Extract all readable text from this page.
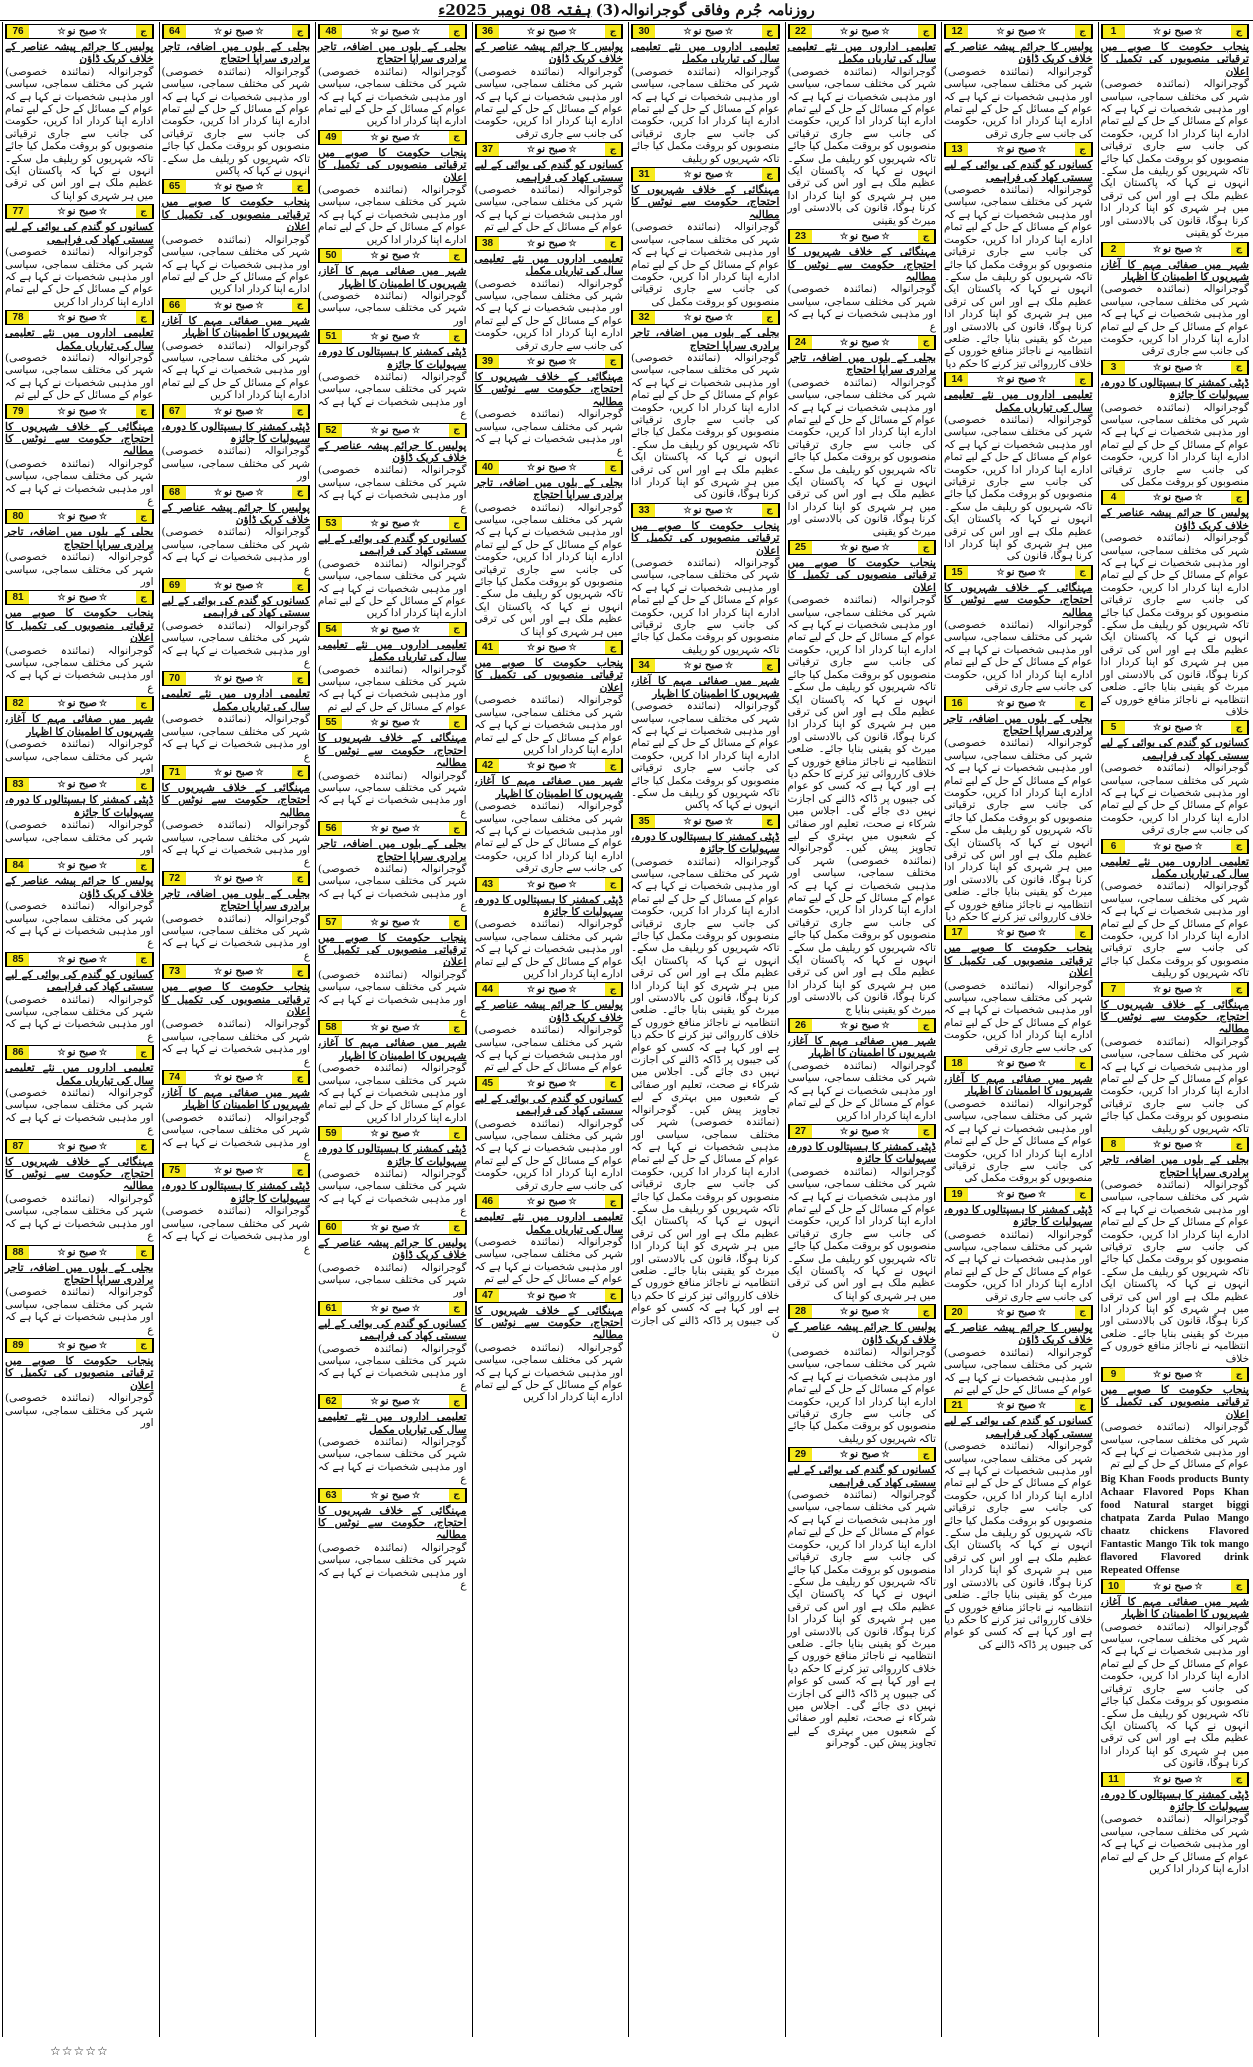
روزنامہ جُرم وفاقی گوجرانوالہ
(3)
ہفتہ 08 نومبر 2025ء
1	☆صبح نو☆	ج
پنجاب حکومت کا صوبے میں ترقیاتی منصوبوں کی تکمیل کا اعلان
گوجرانوالہ (نمائندہ خصوصی) شہر کی مختلف سماجی، سیاسی اور مذہبی شخصیات نے کہا ہے کہ عوام کے مسائل کے حل کے لیے تمام ادارے اپنا کردار ادا کریں، حکومت کی جانب سے جاری ترقیاتی منصوبوں کو بروقت مکمل کیا جائے تاکہ شہریوں کو ریلیف مل سکے۔ انہوں نے کہا کہ پاکستان ایک عظیم ملک ہے اور اس کی ترقی میں ہر شہری کو اپنا کردار ادا کرنا ہوگا، قانون کی بالادستی اور میرٹ کو یقینی
2	☆صبح نو☆	ج
شہر میں صفائی مہم کا آغاز، شہریوں کا اطمینان کا اظہار
گوجرانوالہ (نمائندہ خصوصی) شہر کی مختلف سماجی، سیاسی اور مذہبی شخصیات نے کہا ہے کہ عوام کے مسائل کے حل کے لیے تمام ادارے اپنا کردار ادا کریں، حکومت کی جانب سے جاری ترقی
3	☆صبح نو☆	ج
ڈپٹی کمشنر کا ہسپتالوں کا دورہ، سہولیات کا جائزہ
گوجرانوالہ (نمائندہ خصوصی) شہر کی مختلف سماجی، سیاسی اور مذہبی شخصیات نے کہا ہے کہ عوام کے مسائل کے حل کے لیے تمام ادارے اپنا کردار ادا کریں، حکومت کی جانب سے جاری ترقیاتی منصوبوں کو بروقت مکمل کی
4	☆صبح نو☆	ج
پولیس کا جرائم پیشہ عناصر کے خلاف کریک ڈاؤن
گوجرانوالہ (نمائندہ خصوصی) شہر کی مختلف سماجی، سیاسی اور مذہبی شخصیات نے کہا ہے کہ عوام کے مسائل کے حل کے لیے تمام ادارے اپنا کردار ادا کریں، حکومت کی جانب سے جاری ترقیاتی منصوبوں کو بروقت مکمل کیا جائے تاکہ شہریوں کو ریلیف مل سکے۔ انہوں نے کہا کہ پاکستان ایک عظیم ملک ہے اور اس کی ترقی میں ہر شہری کو اپنا کردار ادا کرنا ہوگا، قانون کی بالادستی اور میرٹ کو یقینی بنایا جائے۔ ضلعی انتظامیہ نے ناجائز منافع خوروں کے خلاف
5	☆صبح نو☆	ج
کسانوں کو گندم کی بوائی کے لیے سستی کھاد کی فراہمی
گوجرانوالہ (نمائندہ خصوصی) شہر کی مختلف سماجی، سیاسی اور مذہبی شخصیات نے کہا ہے کہ عوام کے مسائل کے حل کے لیے تمام ادارے اپنا کردار ادا کریں، حکومت کی جانب سے جاری ترقی
6	☆صبح نو☆	ج
تعلیمی اداروں میں نئے تعلیمی سال کی تیاریاں مکمل
گوجرانوالہ (نمائندہ خصوصی) شہر کی مختلف سماجی، سیاسی اور مذہبی شخصیات نے کہا ہے کہ عوام کے مسائل کے حل کے لیے تمام ادارے اپنا کردار ادا کریں، حکومت کی جانب سے جاری ترقیاتی منصوبوں کو بروقت مکمل کیا جائے تاکہ شہریوں کو ریلیف
7	☆صبح نو☆	ج
مہنگائی کے خلاف شہریوں کا احتجاج، حکومت سے نوٹس کا مطالبہ
گوجرانوالہ (نمائندہ خصوصی) شہر کی مختلف سماجی، سیاسی اور مذہبی شخصیات نے کہا ہے کہ عوام کے مسائل کے حل کے لیے تمام ادارے اپنا کردار ادا کریں، حکومت کی جانب سے جاری ترقیاتی منصوبوں کو بروقت مکمل کیا جائے تاکہ شہریوں کو ریلیف
8	☆صبح نو☆	ج
بجلی کے بلوں میں اضافہ، تاجر برادری سراپا احتجاج
گوجرانوالہ (نمائندہ خصوصی) شہر کی مختلف سماجی، سیاسی اور مذہبی شخصیات نے کہا ہے کہ عوام کے مسائل کے حل کے لیے تمام ادارے اپنا کردار ادا کریں، حکومت کی جانب سے جاری ترقیاتی منصوبوں کو بروقت مکمل کیا جائے تاکہ شہریوں کو ریلیف مل سکے۔ انہوں نے کہا کہ پاکستان ایک عظیم ملک ہے اور اس کی ترقی میں ہر شہری کو اپنا کردار ادا کرنا ہوگا، قانون کی بالادستی اور میرٹ کو یقینی بنایا جائے۔ ضلعی انتظامیہ نے ناجائز منافع خوروں کے خلاف
9	☆صبح نو☆	ج
پنجاب حکومت کا صوبے میں ترقیاتی منصوبوں کی تکمیل کا اعلان
گوجرانوالہ (نمائندہ خصوصی) شہر کی مختلف سماجی، سیاسی اور مذہبی شخصیات نے کہا ہے کہ عوام کے مسائل کے حل کے لیے تم
Big Khan Foods products Bunty Achaar Flavored Pops Khan food Natural starget biggi chatpata Zarda Pulao Mango chaatz chickens Flavored Fantastic Mango Tik tok mango flavored Flavored drink Repeated Offense
10	☆صبح نو☆	ج
شہر میں صفائی مہم کا آغاز، شہریوں کا اطمینان کا اظہار
گوجرانوالہ (نمائندہ خصوصی) شہر کی مختلف سماجی، سیاسی اور مذہبی شخصیات نے کہا ہے کہ عوام کے مسائل کے حل کے لیے تمام ادارے اپنا کردار ادا کریں، حکومت کی جانب سے جاری ترقیاتی منصوبوں کو بروقت مکمل کیا جائے تاکہ شہریوں کو ریلیف مل سکے۔ انہوں نے کہا کہ پاکستان ایک عظیم ملک ہے اور اس کی ترقی میں ہر شہری کو اپنا کردار ادا کرنا ہوگا، قانون کی
11	☆صبح نو☆	ج
ڈپٹی کمشنر کا ہسپتالوں کا دورہ، سہولیات کا جائزہ
گوجرانوالہ (نمائندہ خصوصی) شہر کی مختلف سماجی، سیاسی اور مذہبی شخصیات نے کہا ہے کہ عوام کے مسائل کے حل کے لیے تمام ادارے اپنا کردار ادا کریں
12	☆صبح نو☆	ج
پولیس کا جرائم پیشہ عناصر کے خلاف کریک ڈاؤن
گوجرانوالہ (نمائندہ خصوصی) شہر کی مختلف سماجی، سیاسی اور مذہبی شخصیات نے کہا ہے کہ عوام کے مسائل کے حل کے لیے تمام ادارے اپنا کردار ادا کریں، حکومت کی جانب سے جاری ترقی
13	☆صبح نو☆	ج
کسانوں کو گندم کی بوائی کے لیے سستی کھاد کی فراہمی
گوجرانوالہ (نمائندہ خصوصی) شہر کی مختلف سماجی، سیاسی اور مذہبی شخصیات نے کہا ہے کہ عوام کے مسائل کے حل کے لیے تمام ادارے اپنا کردار ادا کریں، حکومت کی جانب سے جاری ترقیاتی منصوبوں کو بروقت مکمل کیا جائے تاکہ شہریوں کو ریلیف مل سکے۔ انہوں نے کہا کہ پاکستان ایک عظیم ملک ہے اور اس کی ترقی میں ہر شہری کو اپنا کردار ادا کرنا ہوگا، قانون کی بالادستی اور میرٹ کو یقینی بنایا جائے۔ ضلعی انتظامیہ نے ناجائز منافع خوروں کے خلاف کارروائی تیز کرنے کا حکم دیا
14	☆صبح نو☆	ج
تعلیمی اداروں میں نئے تعلیمی سال کی تیاریاں مکمل
گوجرانوالہ (نمائندہ خصوصی) شہر کی مختلف سماجی، سیاسی اور مذہبی شخصیات نے کہا ہے کہ عوام کے مسائل کے حل کے لیے تمام ادارے اپنا کردار ادا کریں، حکومت کی جانب سے جاری ترقیاتی منصوبوں کو بروقت مکمل کیا جائے تاکہ شہریوں کو ریلیف مل سکے۔ انہوں نے کہا کہ پاکستان ایک عظیم ملک ہے اور اس کی ترقی میں ہر شہری کو اپنا کردار ادا کرنا ہوگا، قانون کی
15	☆صبح نو☆	ج
مہنگائی کے خلاف شہریوں کا احتجاج، حکومت سے نوٹس کا مطالبہ
گوجرانوالہ (نمائندہ خصوصی) شہر کی مختلف سماجی، سیاسی اور مذہبی شخصیات نے کہا ہے کہ عوام کے مسائل کے حل کے لیے تمام ادارے اپنا کردار ادا کریں، حکومت کی جانب سے جاری ترقی
16	☆صبح نو☆	ج
بجلی کے بلوں میں اضافہ، تاجر برادری سراپا احتجاج
گوجرانوالہ (نمائندہ خصوصی) شہر کی مختلف سماجی، سیاسی اور مذہبی شخصیات نے کہا ہے کہ عوام کے مسائل کے حل کے لیے تمام ادارے اپنا کردار ادا کریں، حکومت کی جانب سے جاری ترقیاتی منصوبوں کو بروقت مکمل کیا جائے تاکہ شہریوں کو ریلیف مل سکے۔ انہوں نے کہا کہ پاکستان ایک عظیم ملک ہے اور اس کی ترقی میں ہر شہری کو اپنا کردار ادا کرنا ہوگا، قانون کی بالادستی اور میرٹ کو یقینی بنایا جائے۔ ضلعی انتظامیہ نے ناجائز منافع خوروں کے خلاف کارروائی تیز کرنے کا حکم دیا
17	☆صبح نو☆	ج
پنجاب حکومت کا صوبے میں ترقیاتی منصوبوں کی تکمیل کا اعلان
گوجرانوالہ (نمائندہ خصوصی) شہر کی مختلف سماجی، سیاسی اور مذہبی شخصیات نے کہا ہے کہ عوام کے مسائل کے حل کے لیے تمام ادارے اپنا کردار ادا کریں، حکومت کی جانب سے جاری ترقی
18	☆صبح نو☆	ج
شہر میں صفائی مہم کا آغاز، شہریوں کا اطمینان کا اظہار
گوجرانوالہ (نمائندہ خصوصی) شہر کی مختلف سماجی، سیاسی اور مذہبی شخصیات نے کہا ہے کہ عوام کے مسائل کے حل کے لیے تمام ادارے اپنا کردار ادا کریں، حکومت کی جانب سے جاری ترقیاتی منصوبوں کو بروقت مکمل کی
19	☆صبح نو☆	ج
ڈپٹی کمشنر کا ہسپتالوں کا دورہ، سہولیات کا جائزہ
گوجرانوالہ (نمائندہ خصوصی) شہر کی مختلف سماجی، سیاسی اور مذہبی شخصیات نے کہا ہے کہ عوام کے مسائل کے حل کے لیے تمام ادارے اپنا کردار ادا کریں، حکومت کی جانب سے جاری ترقی
20	☆صبح نو☆	ج
پولیس کا جرائم پیشہ عناصر کے خلاف کریک ڈاؤن
گوجرانوالہ (نمائندہ خصوصی) شہر کی مختلف سماجی، سیاسی اور مذہبی شخصیات نے کہا ہے کہ عوام کے مسائل کے حل کے لیے تم
21	☆صبح نو☆	ج
کسانوں کو گندم کی بوائی کے لیے سستی کھاد کی فراہمی
گوجرانوالہ (نمائندہ خصوصی) شہر کی مختلف سماجی، سیاسی اور مذہبی شخصیات نے کہا ہے کہ عوام کے مسائل کے حل کے لیے تمام ادارے اپنا کردار ادا کریں، حکومت کی جانب سے جاری ترقیاتی منصوبوں کو بروقت مکمل کیا جائے تاکہ شہریوں کو ریلیف مل سکے۔ انہوں نے کہا کہ پاکستان ایک عظیم ملک ہے اور اس کی ترقی میں ہر شہری کو اپنا کردار ادا کرنا ہوگا، قانون کی بالادستی اور میرٹ کو یقینی بنایا جائے۔ ضلعی انتظامیہ نے ناجائز منافع خوروں کے خلاف کارروائی تیز کرنے کا حکم دیا ہے اور کہا ہے کہ کسی کو عوام کی جیبوں پر ڈاکہ ڈالنے کی
22	☆صبح نو☆	ج
تعلیمی اداروں میں نئے تعلیمی سال کی تیاریاں مکمل
گوجرانوالہ (نمائندہ خصوصی) شہر کی مختلف سماجی، سیاسی اور مذہبی شخصیات نے کہا ہے کہ عوام کے مسائل کے حل کے لیے تمام ادارے اپنا کردار ادا کریں، حکومت کی جانب سے جاری ترقیاتی منصوبوں کو بروقت مکمل کیا جائے تاکہ شہریوں کو ریلیف مل سکے۔ انہوں نے کہا کہ پاکستان ایک عظیم ملک ہے اور اس کی ترقی میں ہر شہری کو اپنا کردار ادا کرنا ہوگا، قانون کی بالادستی اور میرٹ کو یقینی
23	☆صبح نو☆	ج
مہنگائی کے خلاف شہریوں کا احتجاج، حکومت سے نوٹس کا مطالبہ
گوجرانوالہ (نمائندہ خصوصی) شہر کی مختلف سماجی، سیاسی اور مذہبی شخصیات نے کہا ہے کہ ع
24	☆صبح نو☆	ج
بجلی کے بلوں میں اضافہ، تاجر برادری سراپا احتجاج
گوجرانوالہ (نمائندہ خصوصی) شہر کی مختلف سماجی، سیاسی اور مذہبی شخصیات نے کہا ہے کہ عوام کے مسائل کے حل کے لیے تمام ادارے اپنا کردار ادا کریں، حکومت کی جانب سے جاری ترقیاتی منصوبوں کو بروقت مکمل کیا جائے تاکہ شہریوں کو ریلیف مل سکے۔ انہوں نے کہا کہ پاکستان ایک عظیم ملک ہے اور اس کی ترقی میں ہر شہری کو اپنا کردار ادا کرنا ہوگا، قانون کی بالادستی اور میرٹ کو یقینی
25	☆صبح نو☆	ج
پنجاب حکومت کا صوبے میں ترقیاتی منصوبوں کی تکمیل کا اعلان
گوجرانوالہ (نمائندہ خصوصی) شہر کی مختلف سماجی، سیاسی اور مذہبی شخصیات نے کہا ہے کہ عوام کے مسائل کے حل کے لیے تمام ادارے اپنا کردار ادا کریں، حکومت کی جانب سے جاری ترقیاتی منصوبوں کو بروقت مکمل کیا جائے تاکہ شہریوں کو ریلیف مل سکے۔ انہوں نے کہا کہ پاکستان ایک عظیم ملک ہے اور اس کی ترقی میں ہر شہری کو اپنا کردار ادا کرنا ہوگا، قانون کی بالادستی اور میرٹ کو یقینی بنایا جائے۔ ضلعی انتظامیہ نے ناجائز منافع خوروں کے خلاف کارروائی تیز کرنے کا حکم دیا ہے اور کہا ہے کہ کسی کو عوام کی جیبوں پر ڈاکہ ڈالنے کی اجازت نہیں دی جائے گی۔ اجلاس میں شرکاء نے صحت، تعلیم اور صفائی کے شعبوں میں بہتری کے لیے تجاویز پیش کیں۔ گوجرانوالہ (نمائندہ خصوصی) شہر کی مختلف سماجی، سیاسی اور مذہبی شخصیات نے کہا ہے کہ عوام کے مسائل کے حل کے لیے تمام ادارے اپنا کردار ادا کریں، حکومت کی جانب سے جاری ترقیاتی منصوبوں کو بروقت مکمل کیا جائے تاکہ شہریوں کو ریلیف مل سکے۔ انہوں نے کہا کہ پاکستان ایک عظیم ملک ہے اور اس کی ترقی میں ہر شہری کو اپنا کردار ادا کرنا ہوگا، قانون کی بالادستی اور میرٹ کو یقینی بنایا ج
26	☆صبح نو☆	ج
شہر میں صفائی مہم کا آغاز، شہریوں کا اطمینان کا اظہار
گوجرانوالہ (نمائندہ خصوصی) شہر کی مختلف سماجی، سیاسی اور مذہبی شخصیات نے کہا ہے کہ عوام کے مسائل کے حل کے لیے تمام ادارے اپنا کردار ادا کریں
27	☆صبح نو☆	ج
ڈپٹی کمشنر کا ہسپتالوں کا دورہ، سہولیات کا جائزہ
گوجرانوالہ (نمائندہ خصوصی) شہر کی مختلف سماجی، سیاسی اور مذہبی شخصیات نے کہا ہے کہ عوام کے مسائل کے حل کے لیے تمام ادارے اپنا کردار ادا کریں، حکومت کی جانب سے جاری ترقیاتی منصوبوں کو بروقت مکمل کیا جائے تاکہ شہریوں کو ریلیف مل سکے۔ انہوں نے کہا کہ پاکستان ایک عظیم ملک ہے اور اس کی ترقی میں ہر شہری کو اپنا ک
28	☆صبح نو☆	ج
پولیس کا جرائم پیشہ عناصر کے خلاف کریک ڈاؤن
گوجرانوالہ (نمائندہ خصوصی) شہر کی مختلف سماجی، سیاسی اور مذہبی شخصیات نے کہا ہے کہ عوام کے مسائل کے حل کے لیے تمام ادارے اپنا کردار ادا کریں، حکومت کی جانب سے جاری ترقیاتی منصوبوں کو بروقت مکمل کیا جائے تاکہ شہریوں کو ریلیف
29	☆صبح نو☆	ج
کسانوں کو گندم کی بوائی کے لیے سستی کھاد کی فراہمی
گوجرانوالہ (نمائندہ خصوصی) شہر کی مختلف سماجی، سیاسی اور مذہبی شخصیات نے کہا ہے کہ عوام کے مسائل کے حل کے لیے تمام ادارے اپنا کردار ادا کریں، حکومت کی جانب سے جاری ترقیاتی منصوبوں کو بروقت مکمل کیا جائے تاکہ شہریوں کو ریلیف مل سکے۔ انہوں نے کہا کہ پاکستان ایک عظیم ملک ہے اور اس کی ترقی میں ہر شہری کو اپنا کردار ادا کرنا ہوگا، قانون کی بالادستی اور میرٹ کو یقینی بنایا جائے۔ ضلعی انتظامیہ نے ناجائز منافع خوروں کے خلاف کارروائی تیز کرنے کا حکم دیا ہے اور کہا ہے کہ کسی کو عوام کی جیبوں پر ڈاکہ ڈالنے کی اجازت نہیں دی جائے گی۔ اجلاس میں شرکاء نے صحت، تعلیم اور صفائی کے شعبوں میں بہتری کے لیے تجاویز پیش کیں۔ گوجرانو
30	☆صبح نو☆	ج
تعلیمی اداروں میں نئے تعلیمی سال کی تیاریاں مکمل
گوجرانوالہ (نمائندہ خصوصی) شہر کی مختلف سماجی، سیاسی اور مذہبی شخصیات نے کہا ہے کہ عوام کے مسائل کے حل کے لیے تمام ادارے اپنا کردار ادا کریں، حکومت کی جانب سے جاری ترقیاتی منصوبوں کو بروقت مکمل کیا جائے تاکہ شہریوں کو ریلیف
31	☆صبح نو☆	ج
مہنگائی کے خلاف شہریوں کا احتجاج، حکومت سے نوٹس کا مطالبہ
گوجرانوالہ (نمائندہ خصوصی) شہر کی مختلف سماجی، سیاسی اور مذہبی شخصیات نے کہا ہے کہ عوام کے مسائل کے حل کے لیے تمام ادارے اپنا کردار ادا کریں، حکومت کی جانب سے جاری ترقیاتی منصوبوں کو بروقت مکمل کی
32	☆صبح نو☆	ج
بجلی کے بلوں میں اضافہ، تاجر برادری سراپا احتجاج
گوجرانوالہ (نمائندہ خصوصی) شہر کی مختلف سماجی، سیاسی اور مذہبی شخصیات نے کہا ہے کہ عوام کے مسائل کے حل کے لیے تمام ادارے اپنا کردار ادا کریں، حکومت کی جانب سے جاری ترقیاتی منصوبوں کو بروقت مکمل کیا جائے تاکہ شہریوں کو ریلیف مل سکے۔ انہوں نے کہا کہ پاکستان ایک عظیم ملک ہے اور اس کی ترقی میں ہر شہری کو اپنا کردار ادا کرنا ہوگا، قانون کی
33	☆صبح نو☆	ج
پنجاب حکومت کا صوبے میں ترقیاتی منصوبوں کی تکمیل کا اعلان
گوجرانوالہ (نمائندہ خصوصی) شہر کی مختلف سماجی، سیاسی اور مذہبی شخصیات نے کہا ہے کہ عوام کے مسائل کے حل کے لیے تمام ادارے اپنا کردار ادا کریں، حکومت کی جانب سے جاری ترقیاتی منصوبوں کو بروقت مکمل کیا جائے تاکہ شہریوں کو ریلیف
34	☆صبح نو☆	ج
شہر میں صفائی مہم کا آغاز، شہریوں کا اطمینان کا اظہار
گوجرانوالہ (نمائندہ خصوصی) شہر کی مختلف سماجی، سیاسی اور مذہبی شخصیات نے کہا ہے کہ عوام کے مسائل کے حل کے لیے تمام ادارے اپنا کردار ادا کریں، حکومت کی جانب سے جاری ترقیاتی منصوبوں کو بروقت مکمل کیا جائے تاکہ شہریوں کو ریلیف مل سکے۔ انہوں نے کہا کہ پاکس
35	☆صبح نو☆	ج
ڈپٹی کمشنر کا ہسپتالوں کا دورہ، سہولیات کا جائزہ
گوجرانوالہ (نمائندہ خصوصی) شہر کی مختلف سماجی، سیاسی اور مذہبی شخصیات نے کہا ہے کہ عوام کے مسائل کے حل کے لیے تمام ادارے اپنا کردار ادا کریں، حکومت کی جانب سے جاری ترقیاتی منصوبوں کو بروقت مکمل کیا جائے تاکہ شہریوں کو ریلیف مل سکے۔ انہوں نے کہا کہ پاکستان ایک عظیم ملک ہے اور اس کی ترقی میں ہر شہری کو اپنا کردار ادا کرنا ہوگا، قانون کی بالادستی اور میرٹ کو یقینی بنایا جائے۔ ضلعی انتظامیہ نے ناجائز منافع خوروں کے خلاف کارروائی تیز کرنے کا حکم دیا ہے اور کہا ہے کہ کسی کو عوام کی جیبوں پر ڈاکہ ڈالنے کی اجازت نہیں دی جائے گی۔ اجلاس میں شرکاء نے صحت، تعلیم اور صفائی کے شعبوں میں بہتری کے لیے تجاویز پیش کیں۔ گوجرانوالہ (نمائندہ خصوصی) شہر کی مختلف سماجی، سیاسی اور مذہبی شخصیات نے کہا ہے کہ عوام کے مسائل کے حل کے لیے تمام ادارے اپنا کردار ادا کریں، حکومت کی جانب سے جاری ترقیاتی منصوبوں کو بروقت مکمل کیا جائے تاکہ شہریوں کو ریلیف مل سکے۔ انہوں نے کہا کہ پاکستان ایک عظیم ملک ہے اور اس کی ترقی میں ہر شہری کو اپنا کردار ادا کرنا ہوگا، قانون کی بالادستی اور میرٹ کو یقینی بنایا جائے۔ ضلعی انتظامیہ نے ناجائز منافع خوروں کے خلاف کارروائی تیز کرنے کا حکم دیا ہے اور کہا ہے کہ کسی کو عوام کی جیبوں پر ڈاکہ ڈالنے کی اجازت ن
36	☆صبح نو☆	ج
پولیس کا جرائم پیشہ عناصر کے خلاف کریک ڈاؤن
گوجرانوالہ (نمائندہ خصوصی) شہر کی مختلف سماجی، سیاسی اور مذہبی شخصیات نے کہا ہے کہ عوام کے مسائل کے حل کے لیے تمام ادارے اپنا کردار ادا کریں، حکومت کی جانب سے جاری ترقی
37	☆صبح نو☆	ج
کسانوں کو گندم کی بوائی کے لیے سستی کھاد کی فراہمی
گوجرانوالہ (نمائندہ خصوصی) شہر کی مختلف سماجی، سیاسی اور مذہبی شخصیات نے کہا ہے کہ عوام کے مسائل کے حل کے لیے تم
38	☆صبح نو☆	ج
تعلیمی اداروں میں نئے تعلیمی سال کی تیاریاں مکمل
گوجرانوالہ (نمائندہ خصوصی) شہر کی مختلف سماجی، سیاسی اور مذہبی شخصیات نے کہا ہے کہ عوام کے مسائل کے حل کے لیے تمام ادارے اپنا کردار ادا کریں، حکومت کی جانب سے جاری ترقی
39	☆صبح نو☆	ج
مہنگائی کے خلاف شہریوں کا احتجاج، حکومت سے نوٹس کا مطالبہ
گوجرانوالہ (نمائندہ خصوصی) شہر کی مختلف سماجی، سیاسی اور مذہبی شخصیات نے کہا ہے کہ ع
40	☆صبح نو☆	ج
بجلی کے بلوں میں اضافہ، تاجر برادری سراپا احتجاج
گوجرانوالہ (نمائندہ خصوصی) شہر کی مختلف سماجی، سیاسی اور مذہبی شخصیات نے کہا ہے کہ عوام کے مسائل کے حل کے لیے تمام ادارے اپنا کردار ادا کریں، حکومت کی جانب سے جاری ترقیاتی منصوبوں کو بروقت مکمل کیا جائے تاکہ شہریوں کو ریلیف مل سکے۔ انہوں نے کہا کہ پاکستان ایک عظیم ملک ہے اور اس کی ترقی میں ہر شہری کو اپنا ک
41	☆صبح نو☆	ج
پنجاب حکومت کا صوبے میں ترقیاتی منصوبوں کی تکمیل کا اعلان
گوجرانوالہ (نمائندہ خصوصی) شہر کی مختلف سماجی، سیاسی اور مذہبی شخصیات نے کہا ہے کہ عوام کے مسائل کے حل کے لیے تمام ادارے اپنا کردار ادا کریں
42	☆صبح نو☆	ج
شہر میں صفائی مہم کا آغاز، شہریوں کا اطمینان کا اظہار
گوجرانوالہ (نمائندہ خصوصی) شہر کی مختلف سماجی، سیاسی اور مذہبی شخصیات نے کہا ہے کہ عوام کے مسائل کے حل کے لیے تمام ادارے اپنا کردار ادا کریں، حکومت کی جانب سے جاری ترقی
43	☆صبح نو☆	ج
ڈپٹی کمشنر کا ہسپتالوں کا دورہ، سہولیات کا جائزہ
گوجرانوالہ (نمائندہ خصوصی) شہر کی مختلف سماجی، سیاسی اور مذہبی شخصیات نے کہا ہے کہ عوام کے مسائل کے حل کے لیے تمام ادارے اپنا کردار ادا کریں
44	☆صبح نو☆	ج
پولیس کا جرائم پیشہ عناصر کے خلاف کریک ڈاؤن
گوجرانوالہ (نمائندہ خصوصی) شہر کی مختلف سماجی، سیاسی اور مذہبی شخصیات نے کہا ہے کہ عوام کے مسائل کے حل کے لیے تم
45	☆صبح نو☆	ج
کسانوں کو گندم کی بوائی کے لیے سستی کھاد کی فراہمی
گوجرانوالہ (نمائندہ خصوصی) شہر کی مختلف سماجی، سیاسی اور مذہبی شخصیات نے کہا ہے کہ عوام کے مسائل کے حل کے لیے تمام ادارے اپنا کردار ادا کریں، حکومت کی جانب سے جاری ترقی
46	☆صبح نو☆	ج
تعلیمی اداروں میں نئے تعلیمی سال کی تیاریاں مکمل
گوجرانوالہ (نمائندہ خصوصی) شہر کی مختلف سماجی، سیاسی اور مذہبی شخصیات نے کہا ہے کہ عوام کے مسائل کے حل کے لیے تم
47	☆صبح نو☆	ج
مہنگائی کے خلاف شہریوں کا احتجاج، حکومت سے نوٹس کا مطالبہ
گوجرانوالہ (نمائندہ خصوصی) شہر کی مختلف سماجی، سیاسی اور مذہبی شخصیات نے کہا ہے کہ عوام کے مسائل کے حل کے لیے تمام ادارے اپنا کردار ادا کریں
48	☆صبح نو☆	ج
بجلی کے بلوں میں اضافہ، تاجر برادری سراپا احتجاج
گوجرانوالہ (نمائندہ خصوصی) شہر کی مختلف سماجی، سیاسی اور مذہبی شخصیات نے کہا ہے کہ عوام کے مسائل کے حل کے لیے تمام ادارے اپنا کردار ادا کریں
49	☆صبح نو☆	ج
پنجاب حکومت کا صوبے میں ترقیاتی منصوبوں کی تکمیل کا اعلان
گوجرانوالہ (نمائندہ خصوصی) شہر کی مختلف سماجی، سیاسی اور مذہبی شخصیات نے کہا ہے کہ عوام کے مسائل کے حل کے لیے تمام ادارے اپنا کردار ادا کریں
50	☆صبح نو☆	ج
شہر میں صفائی مہم کا آغاز، شہریوں کا اطمینان کا اظہار
گوجرانوالہ (نمائندہ خصوصی) شہر کی مختلف سماجی، سیاسی اور
51	☆صبح نو☆	ج
ڈپٹی کمشنر کا ہسپتالوں کا دورہ، سہولیات کا جائزہ
گوجرانوالہ (نمائندہ خصوصی) شہر کی مختلف سماجی، سیاسی اور مذہبی شخصیات نے کہا ہے کہ ع
52	☆صبح نو☆	ج
پولیس کا جرائم پیشہ عناصر کے خلاف کریک ڈاؤن
گوجرانوالہ (نمائندہ خصوصی) شہر کی مختلف سماجی، سیاسی اور مذہبی شخصیات نے کہا ہے کہ ع
53	☆صبح نو☆	ج
کسانوں کو گندم کی بوائی کے لیے سستی کھاد کی فراہمی
گوجرانوالہ (نمائندہ خصوصی) شہر کی مختلف سماجی، سیاسی اور مذہبی شخصیات نے کہا ہے کہ عوام کے مسائل کے حل کے لیے تمام ادارے اپنا کردار ادا کریں
54	☆صبح نو☆	ج
تعلیمی اداروں میں نئے تعلیمی سال کی تیاریاں مکمل
گوجرانوالہ (نمائندہ خصوصی) شہر کی مختلف سماجی، سیاسی اور مذہبی شخصیات نے کہا ہے کہ عوام کے مسائل کے حل کے لیے تم
55	☆صبح نو☆	ج
مہنگائی کے خلاف شہریوں کا احتجاج، حکومت سے نوٹس کا مطالبہ
گوجرانوالہ (نمائندہ خصوصی) شہر کی مختلف سماجی، سیاسی اور مذہبی شخصیات نے کہا ہے کہ ع
56	☆صبح نو☆	ج
بجلی کے بلوں میں اضافہ، تاجر برادری سراپا احتجاج
گوجرانوالہ (نمائندہ خصوصی) شہر کی مختلف سماجی، سیاسی اور مذہبی شخصیات نے کہا ہے کہ ع
57	☆صبح نو☆	ج
پنجاب حکومت کا صوبے میں ترقیاتی منصوبوں کی تکمیل کا اعلان
گوجرانوالہ (نمائندہ خصوصی) شہر کی مختلف سماجی، سیاسی اور مذہبی شخصیات نے کہا ہے کہ ع
58	☆صبح نو☆	ج
شہر میں صفائی مہم کا آغاز، شہریوں کا اطمینان کا اظہار
گوجرانوالہ (نمائندہ خصوصی) شہر کی مختلف سماجی، سیاسی اور مذہبی شخصیات نے کہا ہے کہ عوام کے مسائل کے حل کے لیے تمام ادارے اپنا کردار ادا کریں
59	☆صبح نو☆	ج
ڈپٹی کمشنر کا ہسپتالوں کا دورہ، سہولیات کا جائزہ
گوجرانوالہ (نمائندہ خصوصی) شہر کی مختلف سماجی، سیاسی اور مذہبی شخصیات نے کہا ہے کہ ع
60	☆صبح نو☆	ج
پولیس کا جرائم پیشہ عناصر کے خلاف کریک ڈاؤن
گوجرانوالہ (نمائندہ خصوصی) شہر کی مختلف سماجی، سیاسی اور
61	☆صبح نو☆	ج
کسانوں کو گندم کی بوائی کے لیے سستی کھاد کی فراہمی
گوجرانوالہ (نمائندہ خصوصی) شہر کی مختلف سماجی، سیاسی اور مذہبی شخصیات نے کہا ہے کہ ع
62	☆صبح نو☆	ج
تعلیمی اداروں میں نئے تعلیمی سال کی تیاریاں مکمل
گوجرانوالہ (نمائندہ خصوصی) شہر کی مختلف سماجی، سیاسی اور مذہبی شخصیات نے کہا ہے کہ ع
63	☆صبح نو☆	ج
مہنگائی کے خلاف شہریوں کا احتجاج، حکومت سے نوٹس کا مطالبہ
گوجرانوالہ (نمائندہ خصوصی) شہر کی مختلف سماجی، سیاسی اور مذہبی شخصیات نے کہا ہے کہ ع
64	☆صبح نو☆	ج
بجلی کے بلوں میں اضافہ، تاجر برادری سراپا احتجاج
گوجرانوالہ (نمائندہ خصوصی) شہر کی مختلف سماجی، سیاسی اور مذہبی شخصیات نے کہا ہے کہ عوام کے مسائل کے حل کے لیے تمام ادارے اپنا کردار ادا کریں، حکومت کی جانب سے جاری ترقیاتی منصوبوں کو بروقت مکمل کیا جائے تاکہ شہریوں کو ریلیف مل سکے۔ انہوں نے کہا کہ پاکس
65	☆صبح نو☆	ج
پنجاب حکومت کا صوبے میں ترقیاتی منصوبوں کی تکمیل کا اعلان
گوجرانوالہ (نمائندہ خصوصی) شہر کی مختلف سماجی، سیاسی اور مذہبی شخصیات نے کہا ہے کہ عوام کے مسائل کے حل کے لیے تمام ادارے اپنا کردار ادا کریں
66	☆صبح نو☆	ج
شہر میں صفائی مہم کا آغاز، شہریوں کا اطمینان کا اظہار
گوجرانوالہ (نمائندہ خصوصی) شہر کی مختلف سماجی، سیاسی اور مذہبی شخصیات نے کہا ہے کہ عوام کے مسائل کے حل کے لیے تمام ادارے اپنا کردار ادا کریں
67	☆صبح نو☆	ج
ڈپٹی کمشنر کا ہسپتالوں کا دورہ، سہولیات کا جائزہ
گوجرانوالہ (نمائندہ خصوصی) شہر کی مختلف سماجی، سیاسی اور
68	☆صبح نو☆	ج
پولیس کا جرائم پیشہ عناصر کے خلاف کریک ڈاؤن
گوجرانوالہ (نمائندہ خصوصی) شہر کی مختلف سماجی، سیاسی اور مذہبی شخصیات نے کہا ہے کہ ع
69	☆صبح نو☆	ج
کسانوں کو گندم کی بوائی کے لیے سستی کھاد کی فراہمی
گوجرانوالہ (نمائندہ خصوصی) شہر کی مختلف سماجی، سیاسی اور مذہبی شخصیات نے کہا ہے کہ ع
70	☆صبح نو☆	ج
تعلیمی اداروں میں نئے تعلیمی سال کی تیاریاں مکمل
گوجرانوالہ (نمائندہ خصوصی) شہر کی مختلف سماجی، سیاسی اور مذہبی شخصیات نے کہا ہے کہ ع
71	☆صبح نو☆	ج
مہنگائی کے خلاف شہریوں کا احتجاج، حکومت سے نوٹس کا مطالبہ
گوجرانوالہ (نمائندہ خصوصی) شہر کی مختلف سماجی، سیاسی اور مذہبی شخصیات نے کہا ہے کہ ع
72	☆صبح نو☆	ج
بجلی کے بلوں میں اضافہ، تاجر برادری سراپا احتجاج
گوجرانوالہ (نمائندہ خصوصی) شہر کی مختلف سماجی، سیاسی اور مذہبی شخصیات نے کہا ہے کہ ع
73	☆صبح نو☆	ج
پنجاب حکومت کا صوبے میں ترقیاتی منصوبوں کی تکمیل کا اعلان
گوجرانوالہ (نمائندہ خصوصی) شہر کی مختلف سماجی، سیاسی اور مذہبی شخصیات نے کہا ہے کہ ع
74	☆صبح نو☆	ج
شہر میں صفائی مہم کا آغاز، شہریوں کا اطمینان کا اظہار
گوجرانوالہ (نمائندہ خصوصی) شہر کی مختلف سماجی، سیاسی اور مذہبی شخصیات نے کہا ہے کہ ع
75	☆صبح نو☆	ج
ڈپٹی کمشنر کا ہسپتالوں کا دورہ، سہولیات کا جائزہ
گوجرانوالہ (نمائندہ خصوصی) شہر کی مختلف سماجی، سیاسی اور مذہبی شخصیات نے کہا ہے کہ ع
76	☆صبح نو☆	ج
پولیس کا جرائم پیشہ عناصر کے خلاف کریک ڈاؤن
گوجرانوالہ (نمائندہ خصوصی) شہر کی مختلف سماجی، سیاسی اور مذہبی شخصیات نے کہا ہے کہ عوام کے مسائل کے حل کے لیے تمام ادارے اپنا کردار ادا کریں، حکومت کی جانب سے جاری ترقیاتی منصوبوں کو بروقت مکمل کیا جائے تاکہ شہریوں کو ریلیف مل سکے۔ انہوں نے کہا کہ پاکستان ایک عظیم ملک ہے اور اس کی ترقی میں ہر شہری کو اپنا ک
77	☆صبح نو☆	ج
کسانوں کو گندم کی بوائی کے لیے سستی کھاد کی فراہمی
گوجرانوالہ (نمائندہ خصوصی) شہر کی مختلف سماجی، سیاسی اور مذہبی شخصیات نے کہا ہے کہ عوام کے مسائل کے حل کے لیے تمام ادارے اپنا کردار ادا کریں
78	☆صبح نو☆	ج
تعلیمی اداروں میں نئے تعلیمی سال کی تیاریاں مکمل
گوجرانوالہ (نمائندہ خصوصی) شہر کی مختلف سماجی، سیاسی اور مذہبی شخصیات نے کہا ہے کہ عوام کے مسائل کے حل کے لیے تم
79	☆صبح نو☆	ج
مہنگائی کے خلاف شہریوں کا احتجاج، حکومت سے نوٹس کا مطالبہ
گوجرانوالہ (نمائندہ خصوصی) شہر کی مختلف سماجی، سیاسی اور مذہبی شخصیات نے کہا ہے کہ ع
80	☆صبح نو☆	ج
بجلی کے بلوں میں اضافہ، تاجر برادری سراپا احتجاج
گوجرانوالہ (نمائندہ خصوصی) شہر کی مختلف سماجی، سیاسی اور
81	☆صبح نو☆	ج
پنجاب حکومت کا صوبے میں ترقیاتی منصوبوں کی تکمیل کا اعلان
گوجرانوالہ (نمائندہ خصوصی) شہر کی مختلف سماجی، سیاسی اور مذہبی شخصیات نے کہا ہے کہ ع
82	☆صبح نو☆	ج
شہر میں صفائی مہم کا آغاز، شہریوں کا اطمینان کا اظہار
گوجرانوالہ (نمائندہ خصوصی) شہر کی مختلف سماجی، سیاسی اور
83	☆صبح نو☆	ج
ڈپٹی کمشنر کا ہسپتالوں کا دورہ، سہولیات کا جائزہ
گوجرانوالہ (نمائندہ خصوصی) شہر کی مختلف سماجی، سیاسی اور
84	☆صبح نو☆	ج
پولیس کا جرائم پیشہ عناصر کے خلاف کریک ڈاؤن
گوجرانوالہ (نمائندہ خصوصی) شہر کی مختلف سماجی، سیاسی اور مذہبی شخصیات نے کہا ہے کہ ع
85	☆صبح نو☆	ج
کسانوں کو گندم کی بوائی کے لیے سستی کھاد کی فراہمی
گوجرانوالہ (نمائندہ خصوصی) شہر کی مختلف سماجی، سیاسی اور مذہبی شخصیات نے کہا ہے کہ ع
86	☆صبح نو☆	ج
تعلیمی اداروں میں نئے تعلیمی سال کی تیاریاں مکمل
گوجرانوالہ (نمائندہ خصوصی) شہر کی مختلف سماجی، سیاسی اور مذہبی شخصیات نے کہا ہے کہ ع
87	☆صبح نو☆	ج
مہنگائی کے خلاف شہریوں کا احتجاج، حکومت سے نوٹس کا مطالبہ
گوجرانوالہ (نمائندہ خصوصی) شہر کی مختلف سماجی، سیاسی اور مذہبی شخصیات نے کہا ہے کہ ع
88	☆صبح نو☆	ج
بجلی کے بلوں میں اضافہ، تاجر برادری سراپا احتجاج
گوجرانوالہ (نمائندہ خصوصی) شہر کی مختلف سماجی، سیاسی اور مذہبی شخصیات نے کہا ہے کہ ع
89	☆صبح نو☆	ج
پنجاب حکومت کا صوبے میں ترقیاتی منصوبوں کی تکمیل کا اعلان
گوجرانوالہ (نمائندہ خصوصی) شہر کی مختلف سماجی، سیاسی اور
☆☆☆☆☆
